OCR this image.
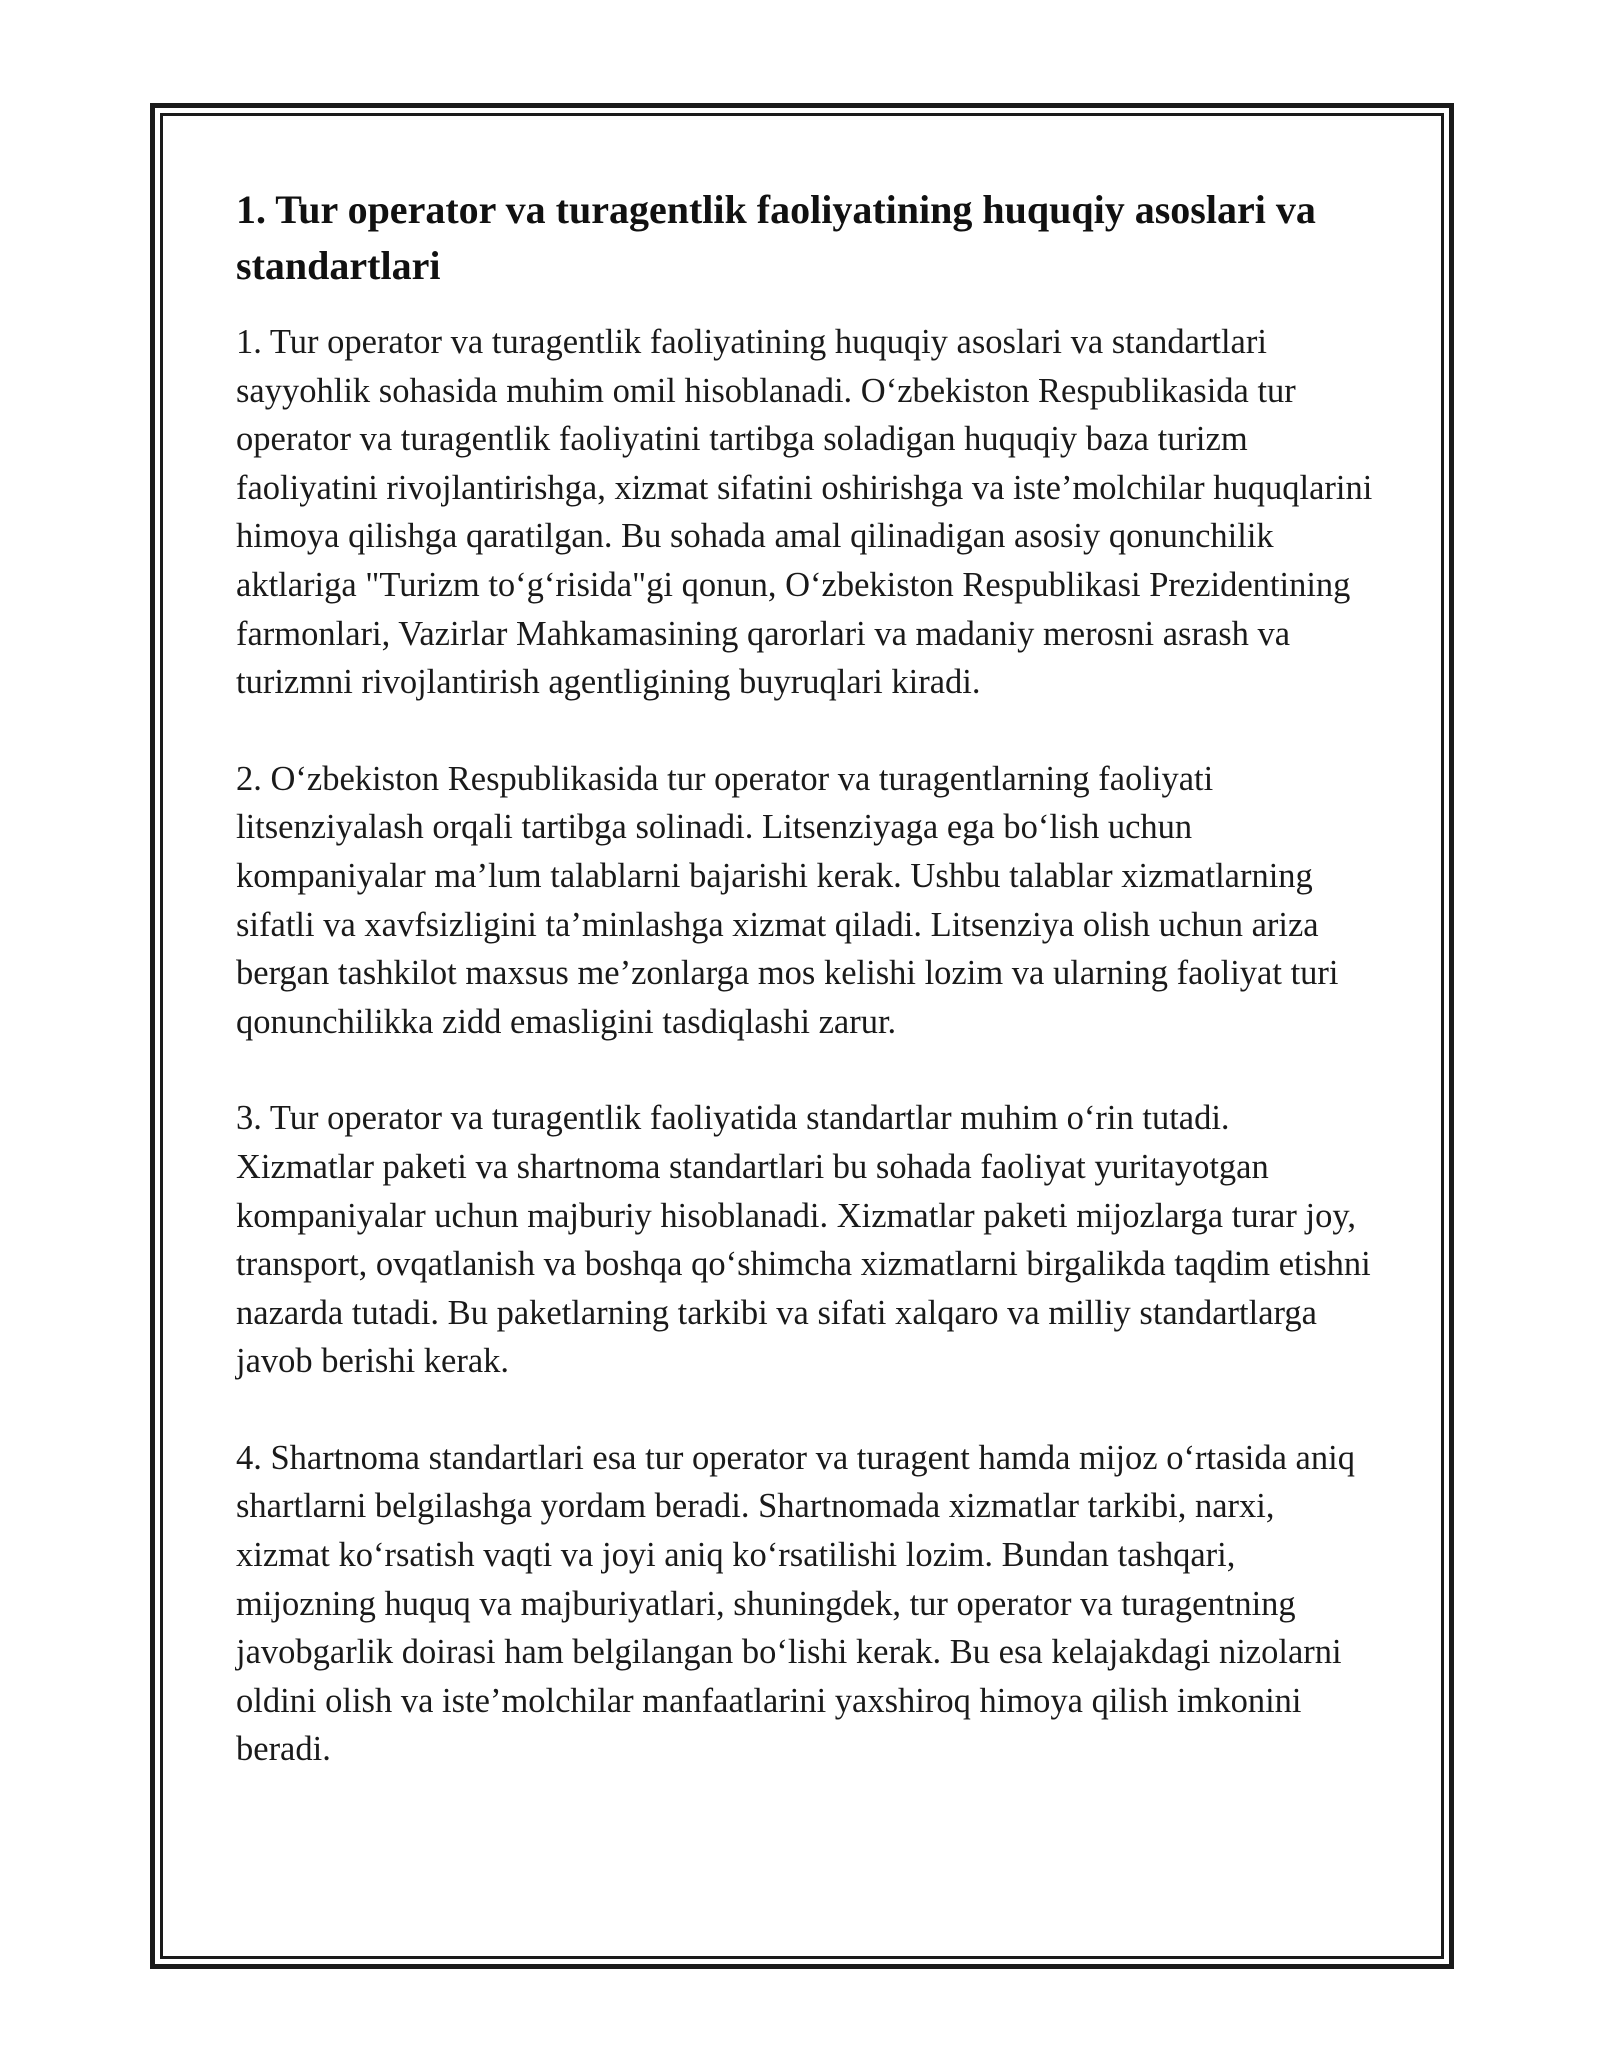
1. Tur operator va turagentlik faoliyatining huquqiy asoslari va standartlari

1. Tur operator va turagentlik faoliyatining huquqiy asoslari va standartlari sayyohlik sohasida muhim omil hisoblanadi. O‘zbekiston Respublikasida tur operator va turagentlik faoliyatini tartibga soladigan huquqiy baza turizm faoliyatini rivojlantirishga, xizmat sifatini oshirishga va iste’molchilar huquqlarini himoya qilishga qaratilgan. Bu sohada amal qilinadigan asosiy qonunchilik aktlariga "Turizm to‘g‘risida"gi qonun, O‘zbekiston Respublikasi Prezidentining farmonlari, Vazirlar Mahkamasining qarorlari va madaniy merosni asrash va turizmni rivojlantirish agentligining buyruqlari kiradi.

2. O‘zbekiston Respublikasida tur operator va turagentlarning faoliyati litsenziyalash orqali tartibga solinadi. Litsenziyaga ega bo‘lish uchun kompaniyalar ma’lum talablarni bajarishi kerak. Ushbu talablar xizmatlarning sifatli va xavfsizligini ta’minlashga xizmat qiladi. Litsenziya olish uchun ariza bergan tashkilot maxsus me’zonlarga mos kelishi lozim va ularning faoliyat turi qonunchilikka zidd emasligini tasdiqlashi zarur.

3. Tur operator va turagentlik faoliyatida standartlar muhim o‘rin tutadi. Xizmatlar paketi va shartnoma standartlari bu sohada faoliyat yuritayotgan kompaniyalar uchun majburiy hisoblanadi. Xizmatlar paketi mijozlarga turar joy, transport, ovqatlanish va boshqa qo‘shimcha xizmatlarni birgalikda taqdim etishni nazarda tutadi. Bu paketlarning tarkibi va sifati xalqaro va milliy standartlarga javob berishi kerak.

4. Shartnoma standartlari esa tur operator va turagent hamda mijoz o‘rtasida aniq shartlarni belgilashga yordam beradi. Shartnomada xizmatlar tarkibi, narxi, xizmat ko‘rsatish vaqti va joyi aniq ko‘rsatilishi lozim. Bundan tashqari, mijozning huquq va majburiyatlari, shuningdek, tur operator va turagentning javobgarlik doirasi ham belgilangan bo‘lishi kerak. Bu esa kelajakdagi nizolarni oldini olish va iste’molchilar manfaatlarini yaxshiroq himoya qilish imkonini beradi.
